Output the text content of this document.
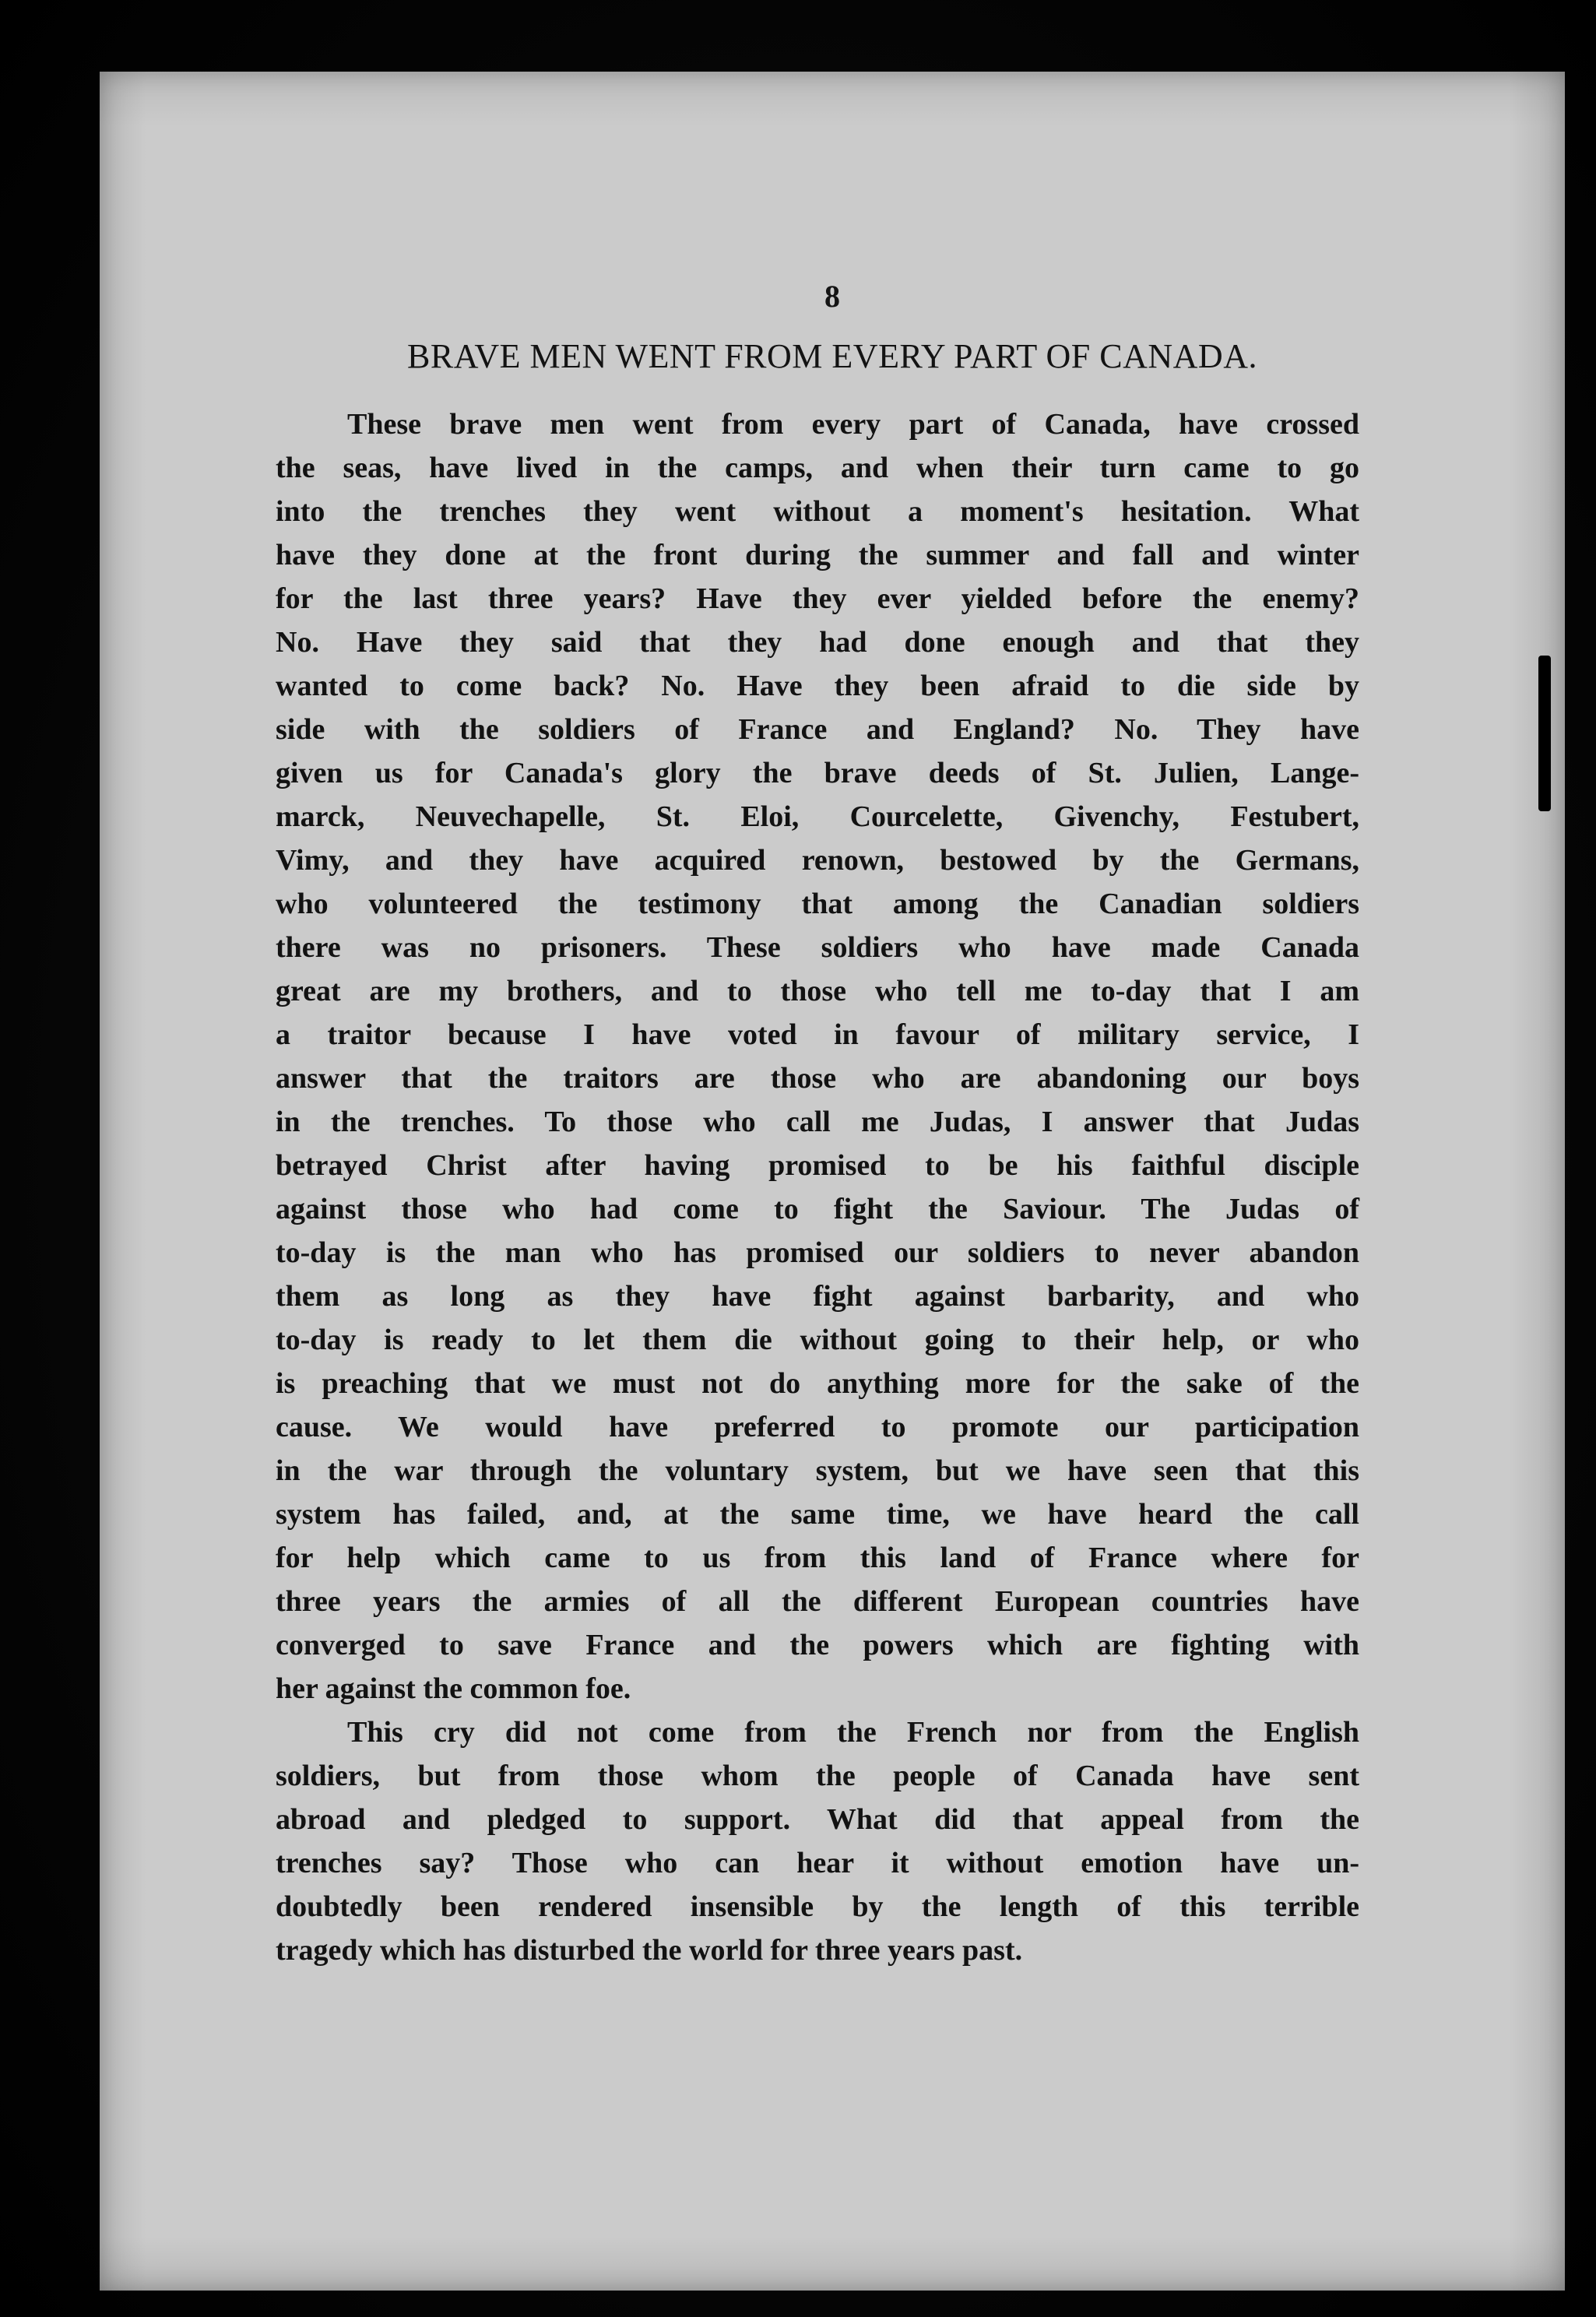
8

BRAVE MEN WENT FROM EVERY PART OF CANADA.
These brave men went from every part of Canada, have crossed
the seas, have lived in the camps, and when their turn came to go
into the trenches they went without a moment's hesitation. What
have they done at the front during the summer and fall and winter
for the last three years? Have they ever yielded before the enemy?
No. Have they said that they had done enough and that they
wanted to come back? No. Have they been afraid to die side by
side with the soldiers of France and England? No. They have
given us for Canada's glory the brave deeds of St. Julien, Lange-
marck, Neuvechapelle, St. Eloi, Courcelette, Givenchy, Festubert,
Vimy, and they have acquired renown, bestowed by the Germans,
who volunteered the testimony that among the Canadian soldiers
there was no prisoners. These soldiers who have made Canada
great are my brothers, and to those who tell me to-day that I am
a traitor because I have voted in favour of military service, I
answer that the traitors are those who are abandoning our boys
in the trenches. To those who call me Judas, I answer that Judas
betrayed Christ after having promised to be his faithful disciple
against those who had come to fight the Saviour. The Judas of
to-day is the man who has promised our soldiers to never abandon
them as long as they have fight against barbarity, and who
to-day is ready to let them die without going to their help, or who
is preaching that we must not do anything more for the sake of the
cause. We would have preferred to promote our participation
in the war through the voluntary system, but we have seen that this
system has failed, and, at the same time, we have heard the call
for help which came to us from this land of France where for
three years the armies of all the different European countries have
converged to save France and the powers which are fighting with
her against the common foe.
This cry did not come from the French nor from the English
soldiers, but from those whom the people of Canada have sent
abroad and pledged to support. What did that appeal from the
trenches say? Those who can hear it without emotion have un-
doubtedly been rendered insensible by the length of this terrible
tragedy which has disturbed the world for three years past.
